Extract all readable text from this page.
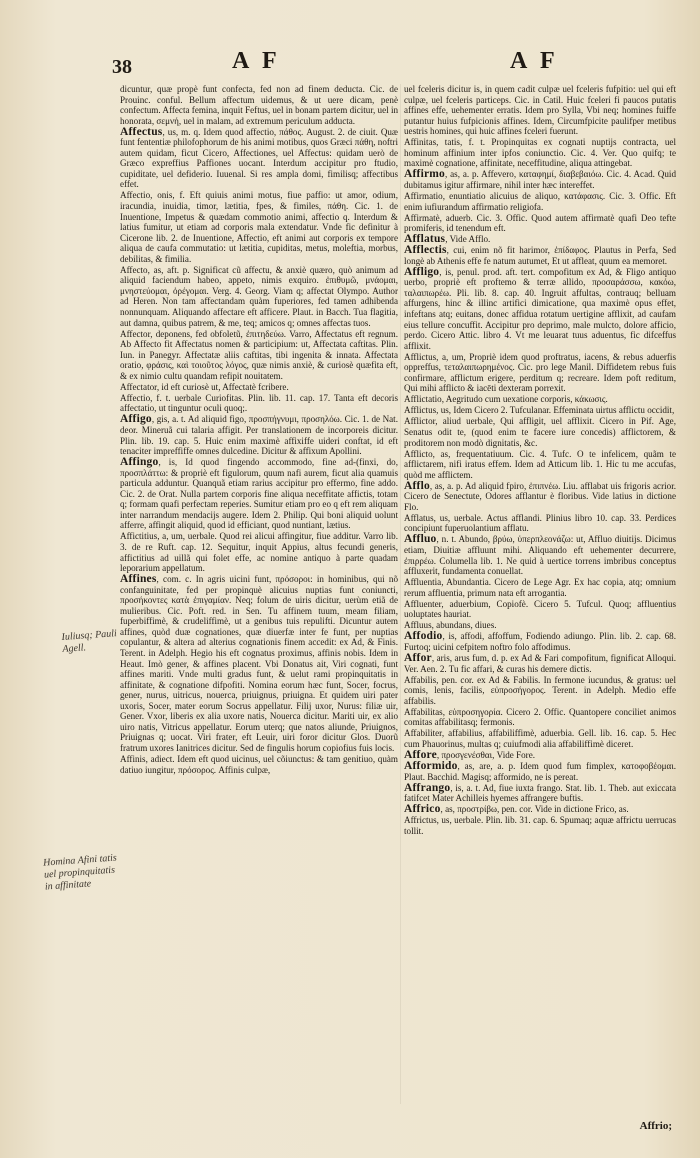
38	A F	A F

dicuntur, quæ propè funt confecta, fed non ad finem deducta. Cic. de Prouinc. conful. Bellum affectum uidemus, & ut uere dicam, penè confectum. Affecta femina, inquit Feftus, uel in bonam partem dicitur, uel in honorata, σεμνή, uel in malam, ad extremum periculum adducta.

Affectus, us, m. q. Idem quod affectio, πάθος. August. 2. de ciuit. Quæ funt fententiæ philofophorum de his animi motibus, quos Græci πάθη, noftri autem quidam, ficut Cicero, Affectiones, uel Affectus: quidam uerò de Græco expreffius Paffiones uocant. Interdum accipitur pro ftudio, cupiditate, uel defiderio. Iuuenal. Si res ampla domi, fimilisq; affectibus effet.

Affectio, onis, f. Eft quiuis animi motus, fiue paffio: ut amor, odium, iracundia, inuidia, timor, lætitia, fpes, & fimiles, πάθη. Cic. 1. de Inuentione, Impetus & quædam commotio animi, affectio q. Interdum & latius fumitur, ut etiam ad corporis mala extendatur. Vnde fic definitur à Cicerone lib. 2. de Inuentione, Affectio, eft animi aut corporis ex tempore aliqua de caufa commutatio: ut lætitia, cupiditas, metus, moleftia, morbus, debilitas, & fimilia.

Affecto, as, aft. p. Significat cũ affectu, & anxiè quæro, quò animum ad aliquid faciendum habeo, appeto, nimis exquiro. ἐπιθυμῶ, μνάομαι, μνηστεύομαι, ὀρέγομαι. Verg. 4. Georg. Viam q; affectat Olympo. Author ad Heren. Non tam affectandam quàm fuperiores, fed tamen adhibenda nonnunquam. Aliquando affectare eft afficere. Plaut. in Bacch. Tua flagitia, aut damna, quibus patrem, & me, teq; amicos q; omnes affectas tuos.

Affector, deponens, fed obfoletũ, ἐπιτηδεύω. Varro, Affectatus eft regnum. Ab Affecto fit Affectatus nomen & participium: ut, Affectata caftitas. Plin. Iun. in Panegyr. Affectatæ aliis caftitas, tibi ingenita & innata. Affectata oratio, φράσις, καὶ τοιοῦτος λόγος, quæ nimis anxiè, & curiosè quæfita eft, & ex nimio cultu quandam refipit nouitatem.

Affectator, id eft curiosè ut, Affectatè fcribere.

Affectio, f. t. uerbale Curiofitas. Plin. lib. 11. cap. 17. Tanta eft decoris affectatio, ut tinguntur oculi quoq;.

Affigo, gis, a. t. Ad aliquid figo, προσπήγνυμι, προσηλόω. Cic. 1. de Nat. deor. Mineruã cui talaria affigit. Per translationem de incorporeis dicitur. Plin. lib. 19. cap. 5. Huic enim maximè affixiffe uideri conftat, id eft tenaciter impreffiffe omnes dulcedine. Dicitur & affixum Apollini.

Affingo, is, Id quod fingendo accommodo, fine ad-(finxi, do, προσπλάττω: & propriè eft figulorum, quum nafi aurem, ficut alia quamuis particula adduntur. Quanquã etiam rarius accipitur pro effermo, fine addo. Cic. 2. de Orat. Nulla partem corporis fine aliqua neceffitate affictis, totam q; formam quafi perfectam reperies. Sumitur etiam pro eo q eft rem aliquam inter narrandum mendacijs augere. Idem 2. Philip. Qui boni aliquid uolunt afferre, affingit aliquid, quod id efficiant, quod nuntiant, lætius.

Affictitius, a, um, uerbale. Quod rei alicui affingitur, fiue additur. Varro lib. 3. de re Ruft. cap. 12. Sequitur, inquit Appius, altus fecundi generis, affictitius ad uillã qui folet effe, ac nomine antiquo à parte quadam leporarium appellatum.

Affines, com. c. In agris uicini funt, πρόσοροι: in hominibus, qui nõ confanguinitate, fed per propinquè alicuius nuptias funt coniuncti, προσήκοντες κατὰ ἐπιγαμίαν. Neq; folum de uiris dicitur, uerùm etiã de mulieribus. Cic. Poft. red. in Sen. Tu affinem tuum, meam filiam, fuperbiffimè, & crudeliffimè, ut a genibus tuis repulifti. Dicuntur autem affines, quòd duæ cognationes, quæ diuerfæ inter fe funt, per nuptias copulantur, & altera ad alterius cognationis finem accedit: ex Ad, & Finis. Terent. in Adelph. Hegio his eft cognatus proximus, affinis nobis. Idem in Heaut. Imò gener, & affines placent. Vbi Donatus ait, Viri cognati, funt affines mariti. Vnde multi gradus funt, & uelut rami propinquitatis in affinitate, & cognatione difpofiti. Nomina eorum hæc funt, Socer, focrus, gener, nurus, uitricus, nouerca, priuignus, priuigna. Et quidem uiri pater uxoris, Socer, mater eorum Socrus appellatur. Filij uxor, Nurus: filiæ uir, Gener. Vxor, liberis ex alia uxore natis, Nouerca dicitur. Mariti uir, ex alio uiro natis, Vitricus appellatur. Eorum uterq; que natos aliunde, Priuignos, Priuignas q; uocat. Viri frater, eft Leuir, uiri foror dicitur Glos. Duorũ fratrum uxores Ianitrices dicitur. Sed de fingulis horum copiofius fuis locis.

Affinis, adiect. Idem eft quod uicinus, uel cõiunctus: & tam genitiuo, quàm datiuo iungitur, πρόσορος. Affinis culpæ,

uel fceleris dicitur is, in quem cadit culpæ uel fceleris fufpitio: uel qui eft culpæ, uel fceleris particeps. Cic. in Catil. Huic fceleri fi paucos putatis affines effe, uehementer erratis. Idem pro Sylla, Vbi neq; homines fuiffe putantur huius fufpicionis affines. Idem, Circumfpicite paulifper metibus uestris homines, qui huic affines fceleri fuerunt.

Affinitas, tatis, f. t. Propinquitas ex cognati nuptijs contracta, uel hominum affinium inter ipfos coniunctio. Cic. 4. Ver. Quo quifq; te maximè cognatione, affinitate, neceffitudine, aliqua attingebat.

Affirmo, as, a. p. Affevero, καταφημί, διαβεβαιόω. Cic. 4. Acad. Quid dubitamus igitur affirmare, nihil inter hæc intereffet.

Affirmatio, enuntiatio alicuius de aliquo, κατάφασις. Cic. 3. Offic. Eft enim iufiurandum affirmatio religiofa.

Affirmatè, aduerb. Cic. 3. Offic. Quod autem affirmatè quafi Deo tefte promiferis, id tenendum eft.

Afflatus, Vide Afflo.

Afflectis, cui, enim nõ fit harimor, ἐπίδαφος. Plautus in Perfa, Sed longè ab Athenis effe fe natum autumet, Et ut affleat, quum ea memoret.

Affligo, is, penul. prod. aft. tert. compofitum ex Ad, & Fligo antiquo uerbo, propriè eft proftemo & terræ allido, προσαράσσω, κακόω, ταλαιπωρέω. Pli. lib. 8. cap. 40. Ingruit affultas, contrauq; belluam affurgens, hinc & illinc artifici dimicatione, qua maximè opus effet, infeftans atq; euitans, donec affidua rotatum uertigine afflixit, ad caufam eius tellure concuffit. Accipitur pro deprimo, male mulcto, dolore afficio, perdo. Cicero Attic. libro 4. Vt me leuarat tuus aduentus, fic difceffus afflixit.

Afflictus, a, um, Propriè idem quod proftratus, iacens, & rebus aduerfis oppreffus, τεταλαιπωρημένος. Cic. pro lege Manil. Diffidetem rebus fuis confirmare, afflictum erigere, perditum q; recreare. Idem poft reditum, Qui mihi afflicto & iacēti dexteram porrexit.

Afflictatio, Aegritudo cum uexatione corporis, κάκωσις.

Afflictus, us, Idem Cicero 2. Tufculanar. Effeminata uirtus afflictu occidit,

Afflictor, aliud uerbale, Qui affligit, uel afflixit. Cicero in Pif. Age, Senatus odit te, (quod enim te facere iure concedis) afflictorem, & proditorem non modò dignitatis, &c.

Afflicto, as, frequentatiuum. Cic. 4. Tufc. O te infelicem, quãm te afflictarem, nifi iratus effem. Idem ad Atticum lib. 1. Hic tu me accufas, quòd me afflictem.

Afflo, as, a. p. Ad aliquid fpiro, ἐπιπνέω. Liu. afflabat uis frigoris acrior. Cicero de Senectute, Odores afflantur è floribus. Vide latius in dictione Flo.

Afflatus, us, uerbale. Actus afflandi. Plinius libro 10. cap. 33. Perdices concipiunt fuperuolantium afflatu.

Affluo, n. t. Abundo, βρύω, ὑπερπλεονάζω: ut, Affluo diuitijs. Dicimus etiam, Diuitiæ affluunt mihi. Aliquando eft uehementer decurrere, ἐπιρρέω. Columella lib. 1. Ne quid à uertice torrens imbribus conceptus affluxerit, fundamenta conuellat.

Affluentia, Abundantia. Cicero de Lege Agr. Ex hac copia, atq; omnium rerum affluentia, primum nata eft arrogantia.

Affluenter, aduerbium, Copiofè. Cicero 5. Tufcul. Quoq; affluentius uoluptates hauriat.

Affluus, abundans, diues.

Affodio, is, affodi, affoffum, Fodiendo adiungo. Plin. lib. 2. cap. 68. Furtoq; uicini cefpitem noftro folo affodimus.

Affor, aris, arus fum, d. p. ex Ad & Fari compofitum, fignificat Alloqui. Ver. Aen. 2. Tu fic affari, & curas his demere dictis.

Affabilis, pen. cor. ex Ad & Fabilis. In fermone iucundus, & gratus: uel comis, lenis, facilis, εὐπροσήγορος. Terent. in Adelph. Medio effe affabilis.

Affabilitas, εὐπροσηγορία. Cicero 2. Offic. Quantopere conciliet animos comitas affabilitasq; fermonis.

Affabiliter, affabilius, affabiliffimè, aduerbia. Gell. lib. 16. cap. 5. Hec cum Phauorinus, multas q; cuiufmodi alia affabiliffimè diceret.

Affore, προσγενέσθαι, Vide Fore.

Afformido, as, are, a. p. Idem quod fum fimplex, κατοφοβέομαι. Plaut. Bacchid. Magisq; afformido, ne is pereat.

Affrango, is, a. t. Ad, fiue iuxta frango. Stat. lib. 1. Theb. aut exiccata fatifcet Mater Achilleis hyemes affrangere buftis.

Affrico, as, προστρίβω, pen. cor. Vide in dictione Frico, as.

Affrictus, us, uerbale. Plin. lib. 31. cap. 6. Spumaq; aquæ affrictu uerrucas tollit.

Iuliusq; Pauli Agell.
Homina Afini tatis uel propinquitatis in affinitate
Affrio;
